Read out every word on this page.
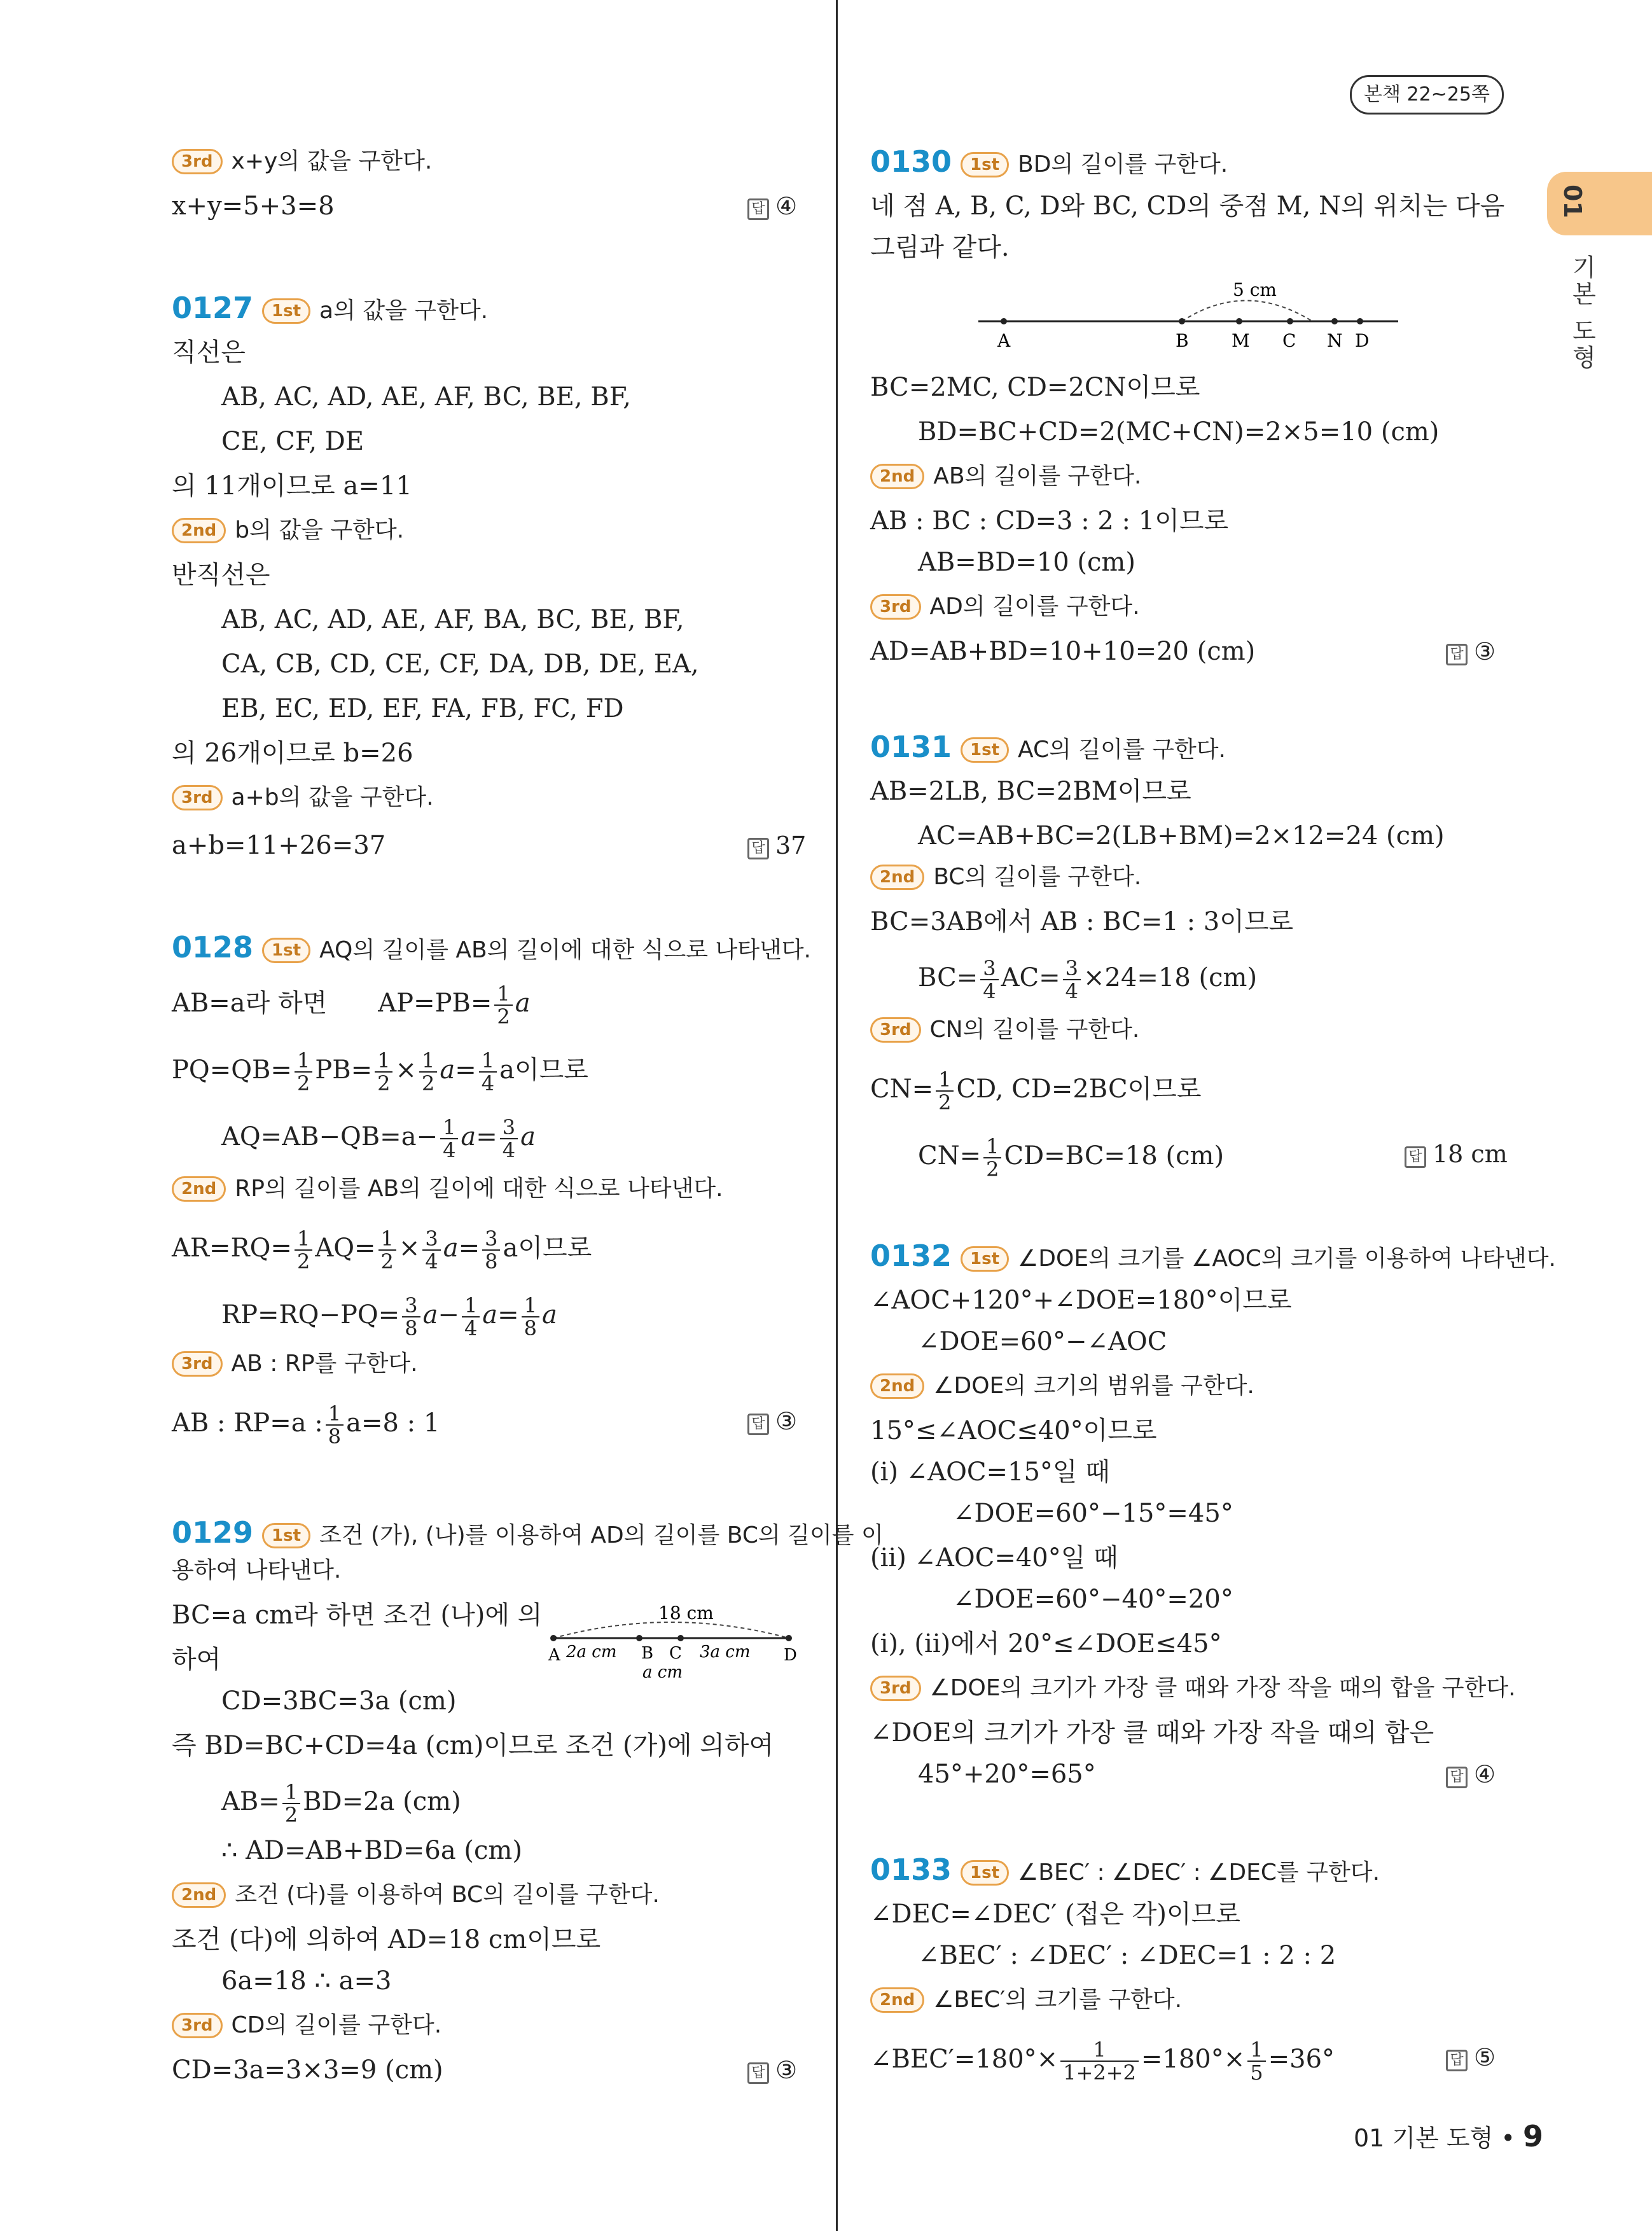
본책 22~25쪽
01
기본 도형
3rd x+y의 값을 구한다.
x+y=5+3=8	답 ④
0127 1st a의 값을 구한다.
직선은
AB, AC, AD, AE, AF, BC, BE, BF,
CE, CF, DE
의 11개이므로 a=11
2nd b의 값을 구한다.
반직선은
AB, AC, AD, AE, AF, BA, BC, BE, BF,
CA, CB, CD, CE, CF, DA, DB, DE, EA,
EB, EC, ED, EF, FA, FB, FC, FD
의 26개이므로 b=26
3rd a+b의 값을 구한다.
a+b=11+26=37	답 37
0128 1st AQ의 길이를 AB의 길이에 대한 식으로 나타낸다.
AB=a라 하면 $AP=PB= \frac{1}{2}$ a
$PQ=QB= \frac{1}{2} PB= \frac{1}{2} \times \frac{1}{2} a= \frac{1}{4}$ a이므로
$AQ=AB-QB=a- \frac{1}{4} a= \frac{3}{4}$ a
2nd RP의 길이를 AB의 길이에 대한 식으로 나타낸다.
$AR=RQ= \frac{1}{2} AQ= \frac{1}{2} \times \frac{3}{4} a= \frac{3}{8}$ a이므로
$RP=RQ-PQ= \frac{3}{8} a- \frac{1}{4} a= \frac{1}{8}$ a
3rd AB : RP를 구한다.
AB : RP=a : $\frac{1}{8} a=8$ : 1	답 ③
0129 1st 조건 (가), (나)를 이용하여 AD의 길이를 BC의 길이를 이
용하여 나타낸다.
BC=a cm라 하면 조건 (나)에 의
하여
18 cm
A 2a cm B C 3a cm D
a cm
CD=3BC=3a (cm)
즉 BD=BC+CD=4a (cm)이므로 조건 (가)에 의하여
$AB= \frac{1}{2} BD=2a$ (cm)
∴ AD=AB+BD=6a (cm)
2nd 조건 (다)를 이용하여 BC의 길이를 구한다.
조건 (다)에 의하여 AD=18 cm이므로
6a=18 ∴ a=3
3rd CD의 길이를 구한다.
CD=3a=3×3=9 (cm)	답 ③
0130 1st BD의 길이를 구한다.
네 점 A, B, C, D와 BC, CD의 중점 M, N의 위치는 다음
그림과 같다.
5 cm
A	B M C N D
BC=2MC, CD=2CN이므로
BD=BC+CD=2(MC+CN)=2×5=10 (cm)
2nd AB의 길이를 구한다.
AB : BC : CD=3 : 2 : 1이므로
AB=BD=10 (cm)
3rd AD의 길이를 구한다.
AD=AB+BD=10+10=20 (cm)	답 ③
0131 1st AC의 길이를 구한다.
AB=2LB, BC=2BM이므로
AC=AB+BC=2(LB+BM)=2×12=24 (cm)
2nd BC의 길이를 구한다.
BC=3AB에서 AB : BC=1 : 3이므로
$BC= \frac{3}{4} AC= \frac{3}{4} \times 24=18$ (cm)
3rd CN의 길이를 구한다.
$CN= \frac{1}{2}$ CD, CD=2BC이므로
$CN= \frac{1}{2} CD=BC=18$ (cm)	답 18 cm
0132 1st ∠DOE의 크기를 ∠AOC의 크기를 이용하여 나타낸다.
∠AOC+120°+∠DOE=180°이므로
∠DOE=60°−∠AOC
2nd ∠DOE의 크기의 범위를 구한다.
15°≤∠AOC≤40°이므로
(i) ∠AOC=15°일 때
∠DOE=60°−15°=45°
(ii) ∠AOC=40°일 때
∠DOE=60°−40°=20°
(i), (ii)에서 20°≤∠DOE≤45°
3rd ∠DOE의 크기가 가장 클 때와 가장 작을 때의 합을 구한다.
∠DOE의 크기가 가장 클 때와 가장 작을 때의 합은
45°+20°=65°	답 ④
0133 1st ∠BEC′ : ∠DEC′ : ∠DEC를 구한다.
∠DEC=∠DEC′ (접은 각)이므로
∠BEC′ : ∠DEC′ : ∠DEC=1 : 2 : 2
2nd ∠BEC′의 크기를 구한다.
∠BEC′=180°× $\frac{1}{1+2+2} =180^\circ\times \frac{1}{5} =36^\circ$	답 ⑤
01 기본 도형 • 9
